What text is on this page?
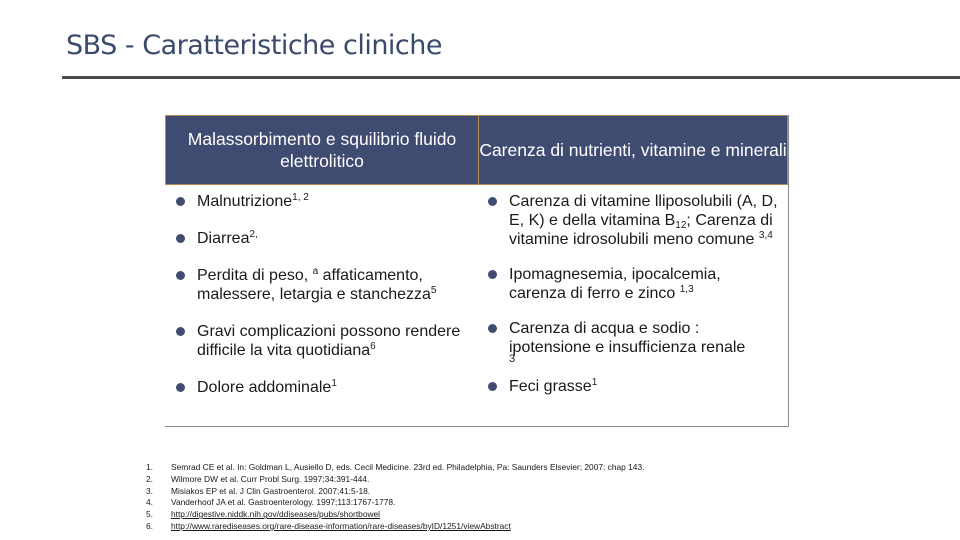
SBS - Caratteristiche cliniche
Malassorbimento e squilibrio fluido elettrolitico
Carenza di nutrienti, vitamine e minerali
Malnutrizione$^{1, 2}$
Diarrea$^{2,}$
Perdita di peso, $^a$ affaticamento, malessere, letargia e stanchezza$^5$
Gravi complicazioni possono rendere difficile la vita quotidiana$^6$
Dolore addominale$^1$
Carenza di vitamine lliposolubili (A, D, E, K) e della vitamina $B_{12}$; Carenza di vitamine idrosolubili meno comune $^{3,4}$
Ipomagnesemia, ipocalcemia, carenza di ferro e zinco $^{1,3}$
Carenza di acqua e sodio : ipotensione e insufficienza renale
3
Feci grasse$^1$
1.	Semrad CE et al. In: Goldman L, Ausiello D, eds. Cecil Medicine. 23rd ed. Philadelphia, Pa: Saunders Elsevier; 2007: chap 143.
2.	Wilmore DW et al. Curr Probl Surg. 1997;34:391-444.
3.	Misiakos EP et al. J Clin Gastroenterol. 2007;41:5-18.
4.	Vanderhoof JA et al. Gastroenterology. 1997;113:1767-1778.
5.	http://digestive.niddk.nih.gov/ddiseases/pubs/shortbowel
6.	http://www.rarediseases.org/rare-disease-information/rare-diseases/byID/1251/viewAbstract
